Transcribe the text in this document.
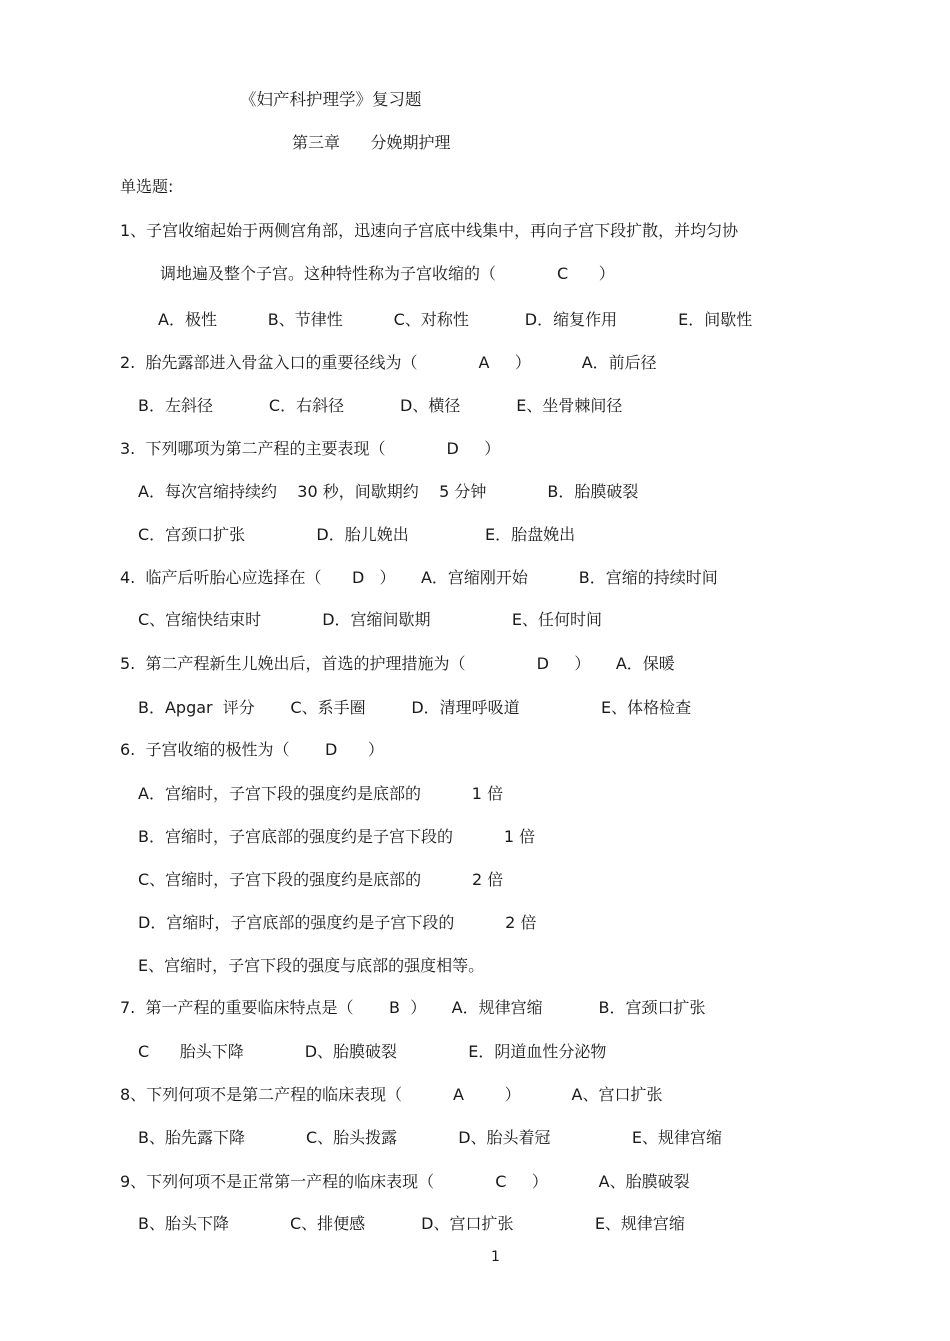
《妇产科护理学》复习题
第三章      分娩期护理
单选题:
1、子宫收缩起始于两侧宫角部，迅速向子宫底中线集中，再向子宫下段扩散，并均匀协
调地遍及整个子宫。这种特性称为子宫收缩的（            C      ）
A．极性          B、节律性          C、对称性           D．缩复作用            E．间歇性
2.  胎先露部进入骨盆入口的重要径线为（            A     ）          A．前后径
B．左斜径           C．右斜径           D、横径           E、坐骨棘间径
3.  下列哪项为第二产程的主要表现（            D     ）
A．每次宫缩持续约    30 秒，间歇期约    5 分钟            B．胎膜破裂
C．宫颈口扩张              D．胎儿娩出               E．胎盘娩出
4.  临产后听胎心应选择在（      D   ）     A．宫缩刚开始          B．宫缩的持续时间
C、宫缩快结束时            D．宫缩间歇期                E、任何时间
5.  第二产程新生儿娩出后，首选的护理措施为（              D     ）     A．保暖
B．Apgar  评分       C、系手圈         D．清理呼吸道                E、体格检查
6.  子宫收缩的极性为（       D      ）
A．宫缩时，子宫下段的强度约是底部的          1 倍
B．宫缩时，子宫底部的强度约是子宫下段的          1 倍
C、宫缩时，子宫下段的强度约是底部的          2 倍
D．宫缩时，子宫底部的强度约是子宫下段的          2 倍
E、宫缩时，子宫下段的强度与底部的强度相等。
7.  第一产程的重要临床特点是（       B  ）     A．规律宫缩           B．宫颈口扩张
C      胎头下降            D、胎膜破裂              E．阴道血性分泌物
8、下列何项不是第二产程的临床表现（          A        ）          A、宫口扩张
B、胎先露下降            C、胎头拨露            D、胎头着冠                E、规律宫缩
9、下列何项不是正常第一产程的临床表现（            C     ）          A、胎膜破裂
B、胎头下降            C、排便感           D、宫口扩张                E、规律宫缩
1
